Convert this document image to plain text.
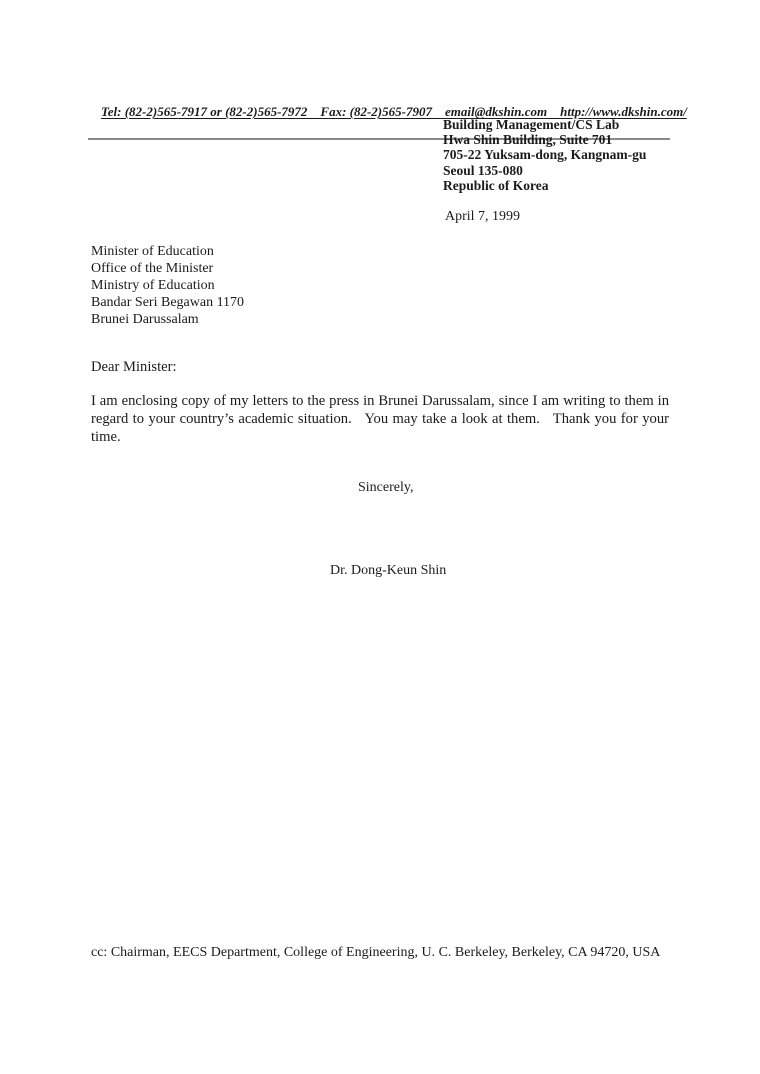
Tel: (82-2)565-7917 or (82-2)565-7972    Fax: (82-2)565-7907    email@dkshin.com    http://www.dkshin.com/

Building Management/CS Lab
Hwa Shin Building, Suite 701
705-22 Yuksam-dong, Kangnam-gu
Seoul 135-080
Republic of Korea
April 7, 1999
Minister of Education
Office of the Minister
Ministry of Education
Bandar Seri Begawan 1170
Brunei Darussalam
Dear Minister:
I am enclosing copy of my letters to the press in Brunei Darussalam, since I am writing to them in regard to your country’s academic situation.   You may take a look at them.   Thank you for your time.
Sincerely,
Dr. Dong-Keun Shin
cc: Chairman, EECS Department, College of Engineering, U. C. Berkeley, Berkeley, CA 94720, USA
